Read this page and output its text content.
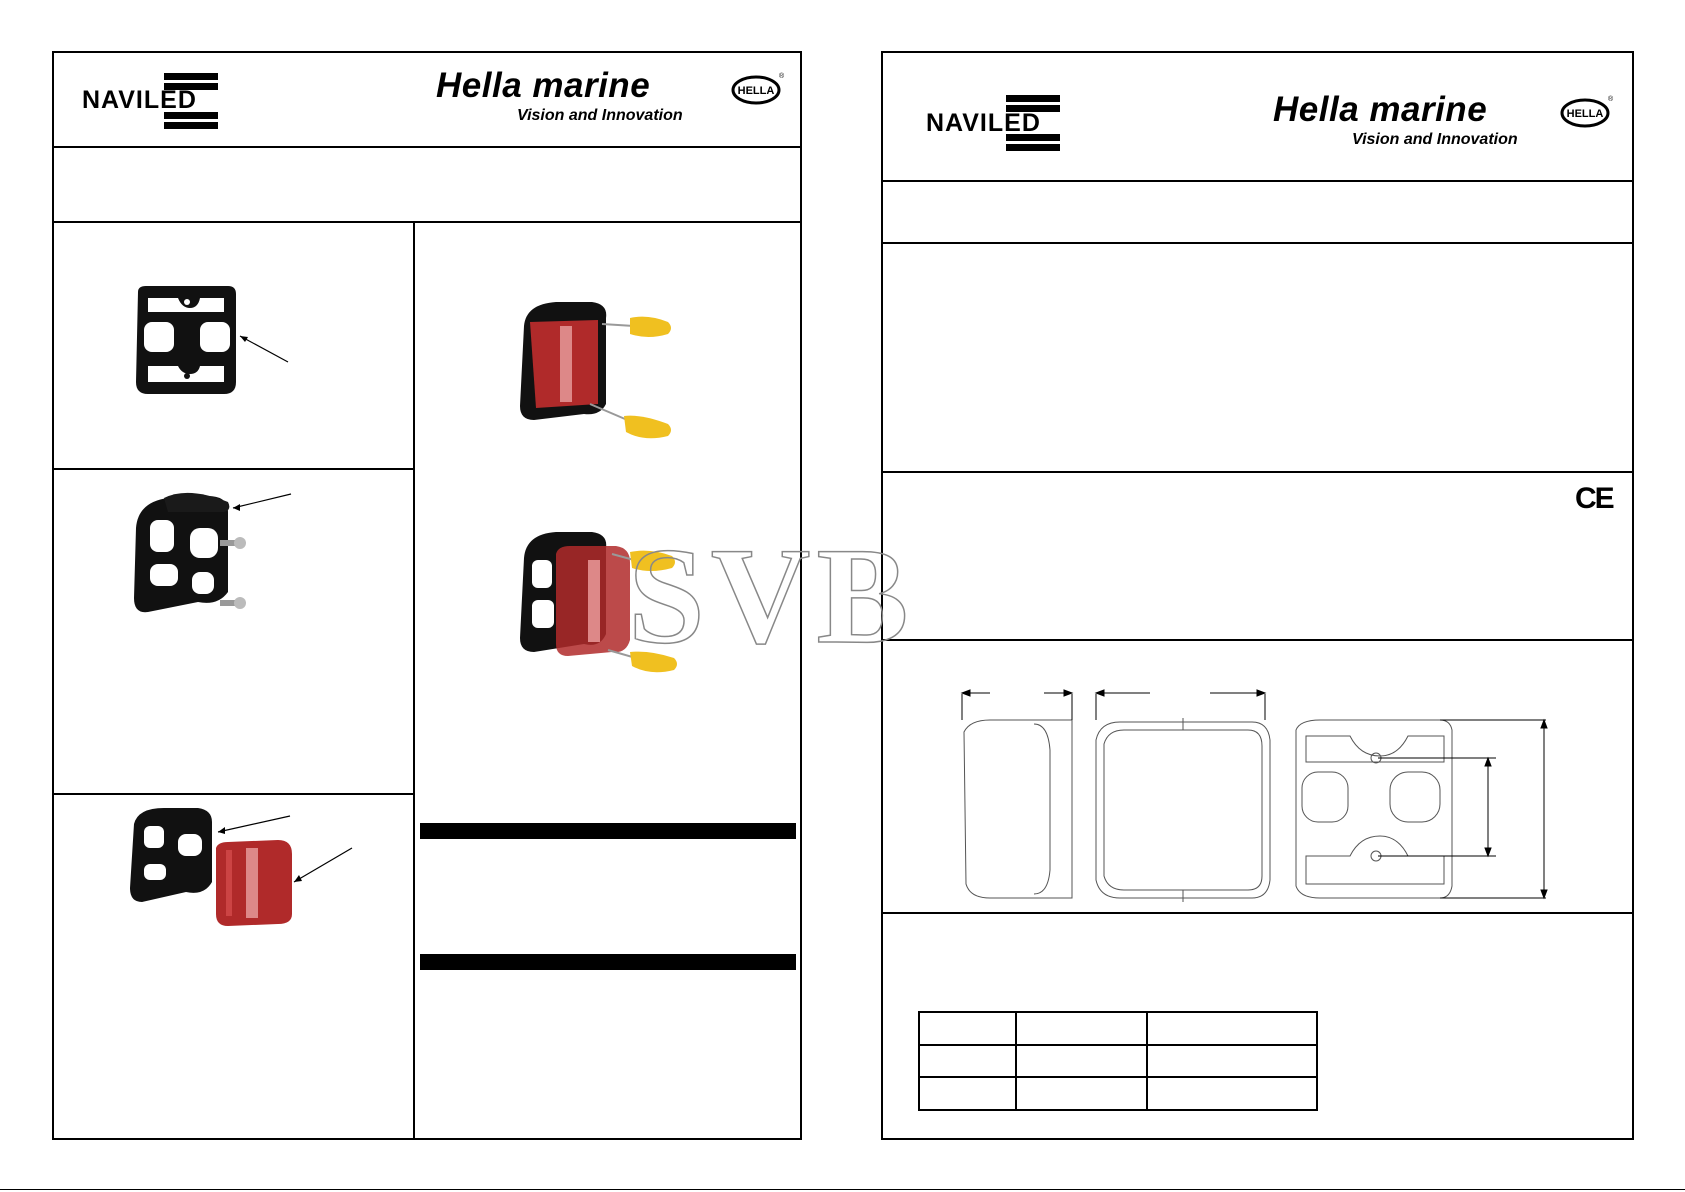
NAVILED	Hella marine
Vision and Innovation
HELLA
®
NAVILED	Hella marine
Vision and Innovation
HELLA
®
CE

SVB
